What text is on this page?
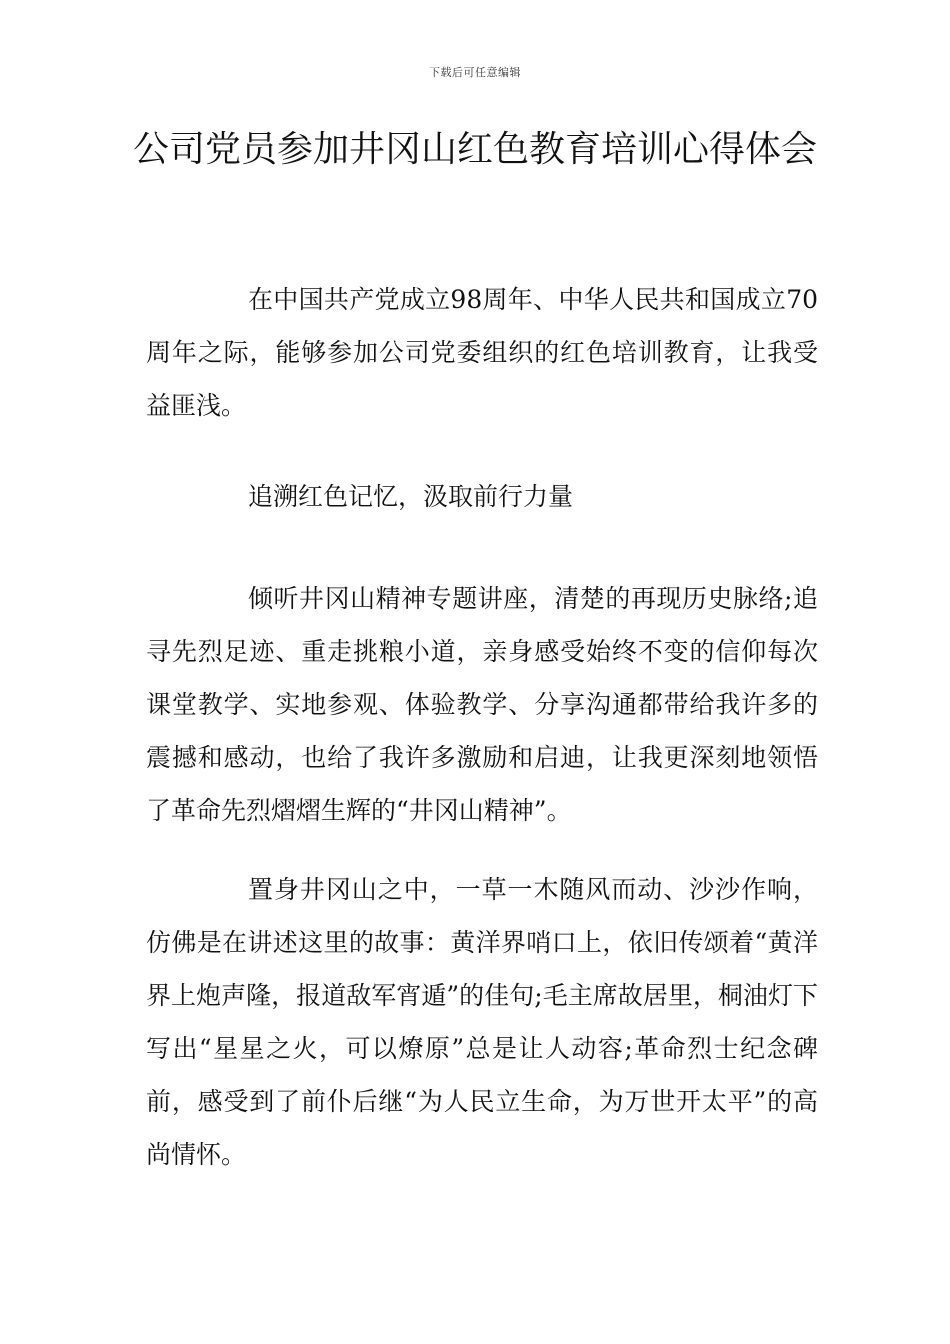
下载后可任意编辑
公司党员参加井冈山红色教育培训心得体会

在中国共产党成立98周年、中华人民共和国成立70周年之际，能够参加公司党委组织的红色培训教育，让我受益匪浅。

追溯红色记忆，汲取前行力量

倾听井冈山精神专题讲座，清楚的再现历史脉络;追寻先烈足迹、重走挑粮小道，亲身感受始终不变的信仰每次课堂教学、实地参观、体验教学、分享沟通都带给我许多的震撼和感动，也给了我许多激励和启迪，让我更深刻地领悟了革命先烈熠熠生辉的“井冈山精神”。

置身井冈山之中，一草一木随风而动、沙沙作响，仿佛是在讲述这里的故事：黄洋界哨口上，依旧传颂着“黄洋界上炮声隆，报道敌军宵遁”的佳句;毛主席故居里，桐油灯下写出“星星之火，可以燎原”总是让人动容;革命烈士纪念碑前，感受到了前仆后继“为人民立生命，为万世开太平”的高尚情怀。
